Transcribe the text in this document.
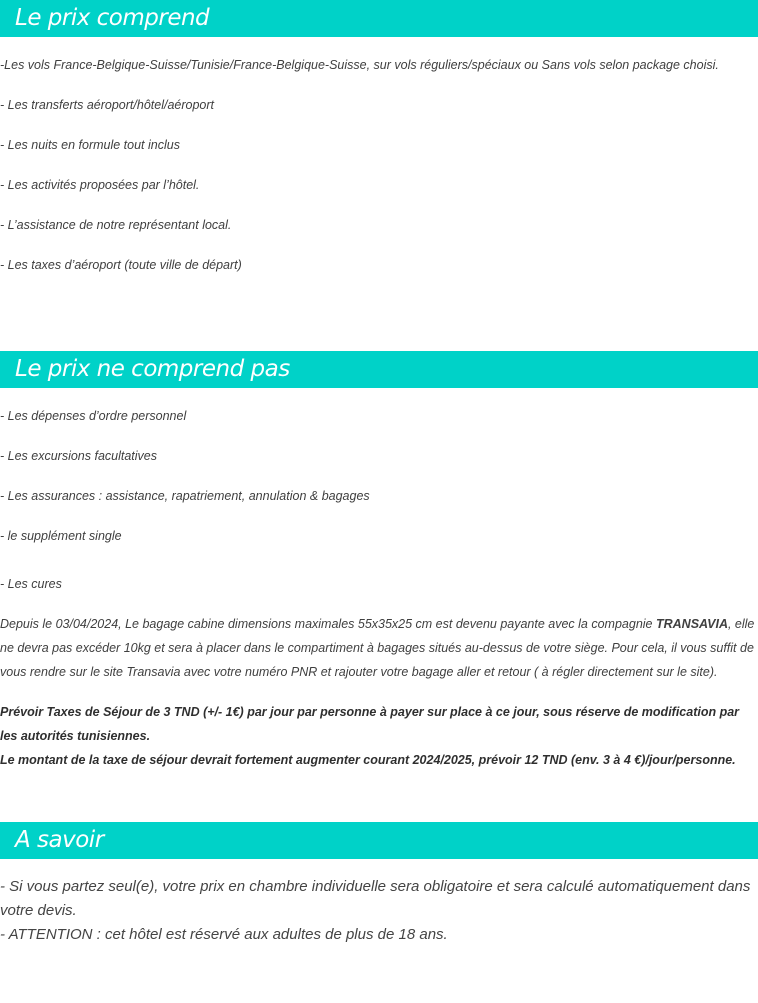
Le prix comprend

-Les vols France-Belgique-Suisse/Tunisie/France-Belgique-Suisse, sur vols réguliers/spéciaux ou Sans vols selon package choisi.

- Les transferts aéroport/hôtel/aéroport

- Les nuits en formule tout inclus

- Les activités proposées par l’hôtel.

- L’assistance de notre représentant local.

- Les taxes d’aéroport (toute ville de départ)

Le prix ne comprend pas

- Les dépenses d’ordre personnel

- Les excursions facultatives

- Les assurances : assistance, rapatriement, annulation & bagages

- le supplément single

- Les cures

Depuis le 03/04/2024, Le bagage cabine dimensions maximales 55x35x25 cm est devenu payante avec la compagnie TRANSAVIA, elle ne devra pas excéder 10kg et sera à placer dans le compartiment à bagages situés au-dessus de votre siège. Pour cela, il vous suffit de vous rendre sur le site Transavia avec votre numéro PNR et rajouter votre bagage aller et retour ( à régler directement sur le site).

Prévoir Taxes de Séjour de 3 TND (+/- 1€) par jour par personne à payer sur place à ce jour, sous réserve de modification par les autorités tunisiennes.

Le montant de la taxe de séjour devrait fortement augmenter courant 2024/2025, prévoir 12 TND (env. 3 à 4 €)/jour/personne.

A savoir

- Si vous partez seul(e), votre prix en chambre individuelle sera obligatoire et sera calculé automatiquement dans votre devis.

- ATTENTION : cet hôtel est réservé aux adultes de plus de 18 ans.
